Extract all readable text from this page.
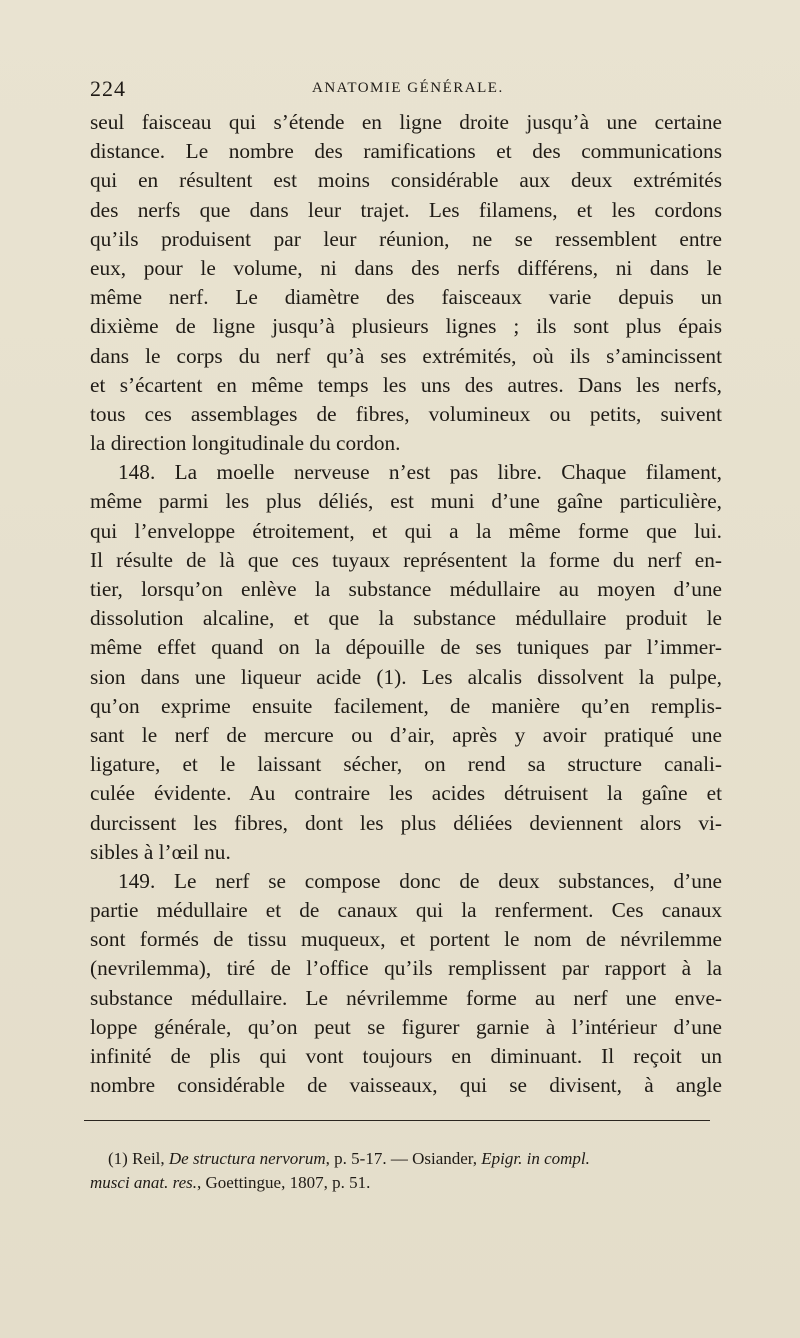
224	ANATOMIE GÉNÉRALE.
seul faisceau qui s’étende en ligne droite jusqu’à une certaine
distance. Le nombre des ramifications et des communications
qui en résultent est moins considérable aux deux extrémités
des nerfs que dans leur trajet. Les filamens, et les cordons
qu’ils produisent par leur réunion, ne se ressemblent entre
eux, pour le volume, ni dans des nerfs différens, ni dans le
même nerf. Le diamètre des faisceaux varie depuis un
dixième de ligne jusqu’à plusieurs lignes ; ils sont plus épais
dans le corps du nerf qu’à ses extrémités, où ils s’amincissent
et s’écartent en même temps les uns des autres. Dans les nerfs,
tous ces assemblages de fibres, volumineux ou petits, suivent
la direction longitudinale du cordon.
148. La moelle nerveuse n’est pas libre. Chaque filament,
même parmi les plus déliés, est muni d’une gaîne particulière,
qui l’enveloppe étroitement, et qui a la même forme que lui.
Il résulte de là que ces tuyaux représentent la forme du nerf en-
tier, lorsqu’on enlève la substance médullaire au moyen d’une
dissolution alcaline, et que la substance médullaire produit le
même effet quand on la dépouille de ses tuniques par l’immer-
sion dans une liqueur acide (1). Les alcalis dissolvent la pulpe,
qu’on exprime ensuite facilement, de manière qu’en remplis-
sant le nerf de mercure ou d’air, après y avoir pratiqué une
ligature, et le laissant sécher, on rend sa structure canali-
culée évidente. Au contraire les acides détruisent la gaîne et
durcissent les fibres, dont les plus déliées deviennent alors vi-
sibles à l’œil nu.
149. Le nerf se compose donc de deux substances, d’une
partie médullaire et de canaux qui la renferment. Ces canaux
sont formés de tissu muqueux, et portent le nom de névrilemme
(nevrilemma), tiré de l’office qu’ils remplissent par rapport à la
substance médullaire. Le névrilemme forme au nerf une enve-
loppe générale, qu’on peut se figurer garnie à l’intérieur d’une
infinité de plis qui vont toujours en diminuant. Il reçoit un
nombre considérable de vaisseaux, qui se divisent, à angle
(1) Reil, De structura nervorum, p. 5-17. — Osiander, Epigr. in compl.
musci anat. res., Goettingue, 1807, p. 51.
